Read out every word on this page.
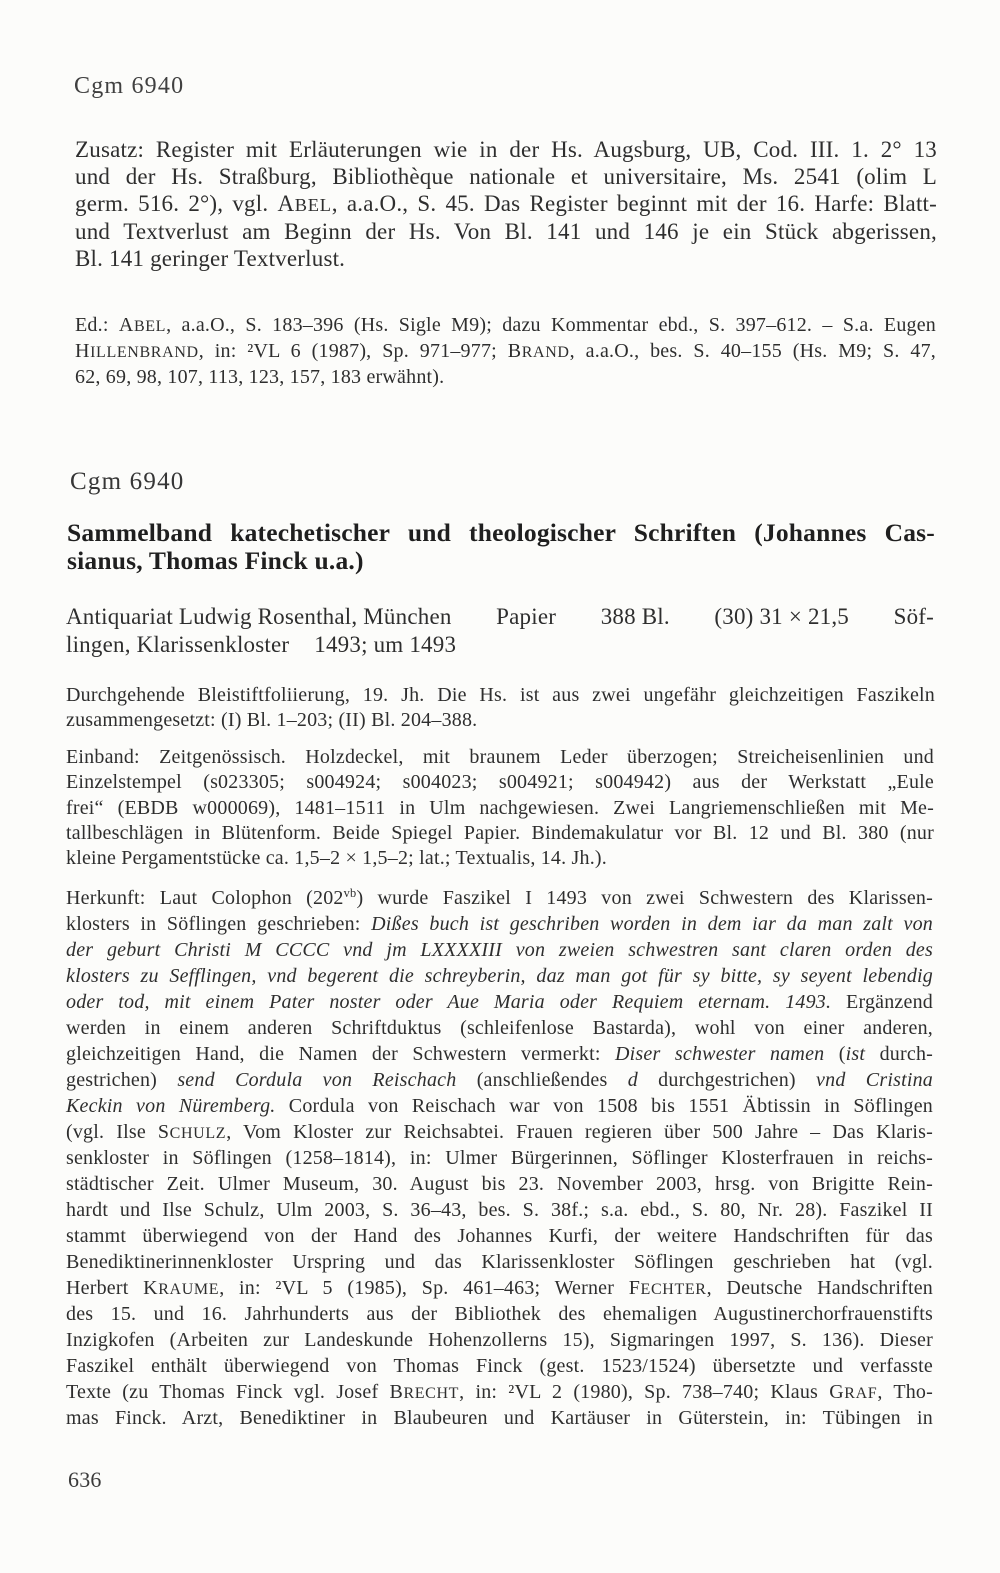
Cgm 6940
Zusatz: Register mit Erläuterungen wie in der Hs. Augsburg, UB, Cod. III. 1. 2° 13
und der Hs. Straßburg, Bibliothèque nationale et universitaire, Ms. 2541 (olim L
germ. 516. 2°), vgl. ABEL, a.a.O., S. 45. Das Register beginnt mit der 16. Harfe: Blatt-
und Textverlust am Beginn der Hs. Von Bl. 141 und 146 je ein Stück abgerissen,
Bl. 141 geringer Textverlust.
Ed.: ABEL, a.a.O., S. 183–396 (Hs. Sigle M9); dazu Kommentar ebd., S. 397–612. – S.a. Eugen
HILLENBRAND, in: ²VL 6 (1987), Sp. 971–977; BRAND, a.a.O., bes. S. 40–155 (Hs. M9; S. 47,
62, 69, 98, 107, 113, 123, 157, 183 erwähnt).
Cgm 6940
Sammelband katechetischer und theologischer Schriften (Johannes Cas-
sianus, Thomas Finck u.a.)
Antiquariat Ludwig Rosenthal, München Papier 388 Bl. (30) 31 × 21,5 Söf-
lingen, Klarissenkloster 1493; um 1493
Durchgehende Bleistiftfoliierung, 19. Jh. Die Hs. ist aus zwei ungefähr gleichzeitigen Faszikeln
zusammengesetzt: (I) Bl. 1–203; (II) Bl. 204–388.
Einband: Zeitgenössisch. Holzdeckel, mit braunem Leder überzogen; Streicheisenlinien und
Einzelstempel (s023305; s004924; s004023; s004921; s004942) aus der Werkstatt „Eule
frei“ (EBDB w000069), 1481–1511 in Ulm nachgewiesen. Zwei Langriemenschließen mit Me-
tallbeschlägen in Blütenform. Beide Spiegel Papier. Bindemakulatur vor Bl. 12 und Bl. 380 (nur
kleine Pergamentstücke ca. 1,5–2 × 1,5–2; lat.; Textualis, 14. Jh.).
Herkunft: Laut Colophon $(202^{vb})$ wurde Faszikel I 1493 von zwei Schwestern des Klarissen-
klosters in Söflingen geschrieben: Dißes buch ist geschriben worden in dem iar da man zalt von
der geburt Christi M CCCC vnd jm LXXXXIII von zweien schwestren sant claren orden des
klosters zu Sefflingen, vnd begerent die schreyberin, daz man got für sy bitte, sy seyent lebendig
oder tod, mit einem Pater noster oder Aue Maria oder Requiem eternam. 1493. Ergänzend
werden in einem anderen Schriftduktus (schleifenlose Bastarda), wohl von einer anderen,
gleichzeitigen Hand, die Namen der Schwestern vermerkt: Diser schwester namen (ist durch-
gestrichen) send Cordula von Reischach (anschließendes d durchgestrichen) vnd Cristina
Keckin von Nüremberg. Cordula von Reischach war von 1508 bis 1551 Äbtissin in Söflingen
(vgl. Ilse SCHULZ, Vom Kloster zur Reichsabtei. Frauen regieren über 500 Jahre – Das Klaris-
senkloster in Söflingen (1258–1814), in: Ulmer Bürgerinnen, Söflinger Klosterfrauen in reichs-
städtischer Zeit. Ulmer Museum, 30. August bis 23. November 2003, hrsg. von Brigitte Rein-
hardt und Ilse Schulz, Ulm 2003, S. 36–43, bes. S. 38f.; s.a. ebd., S. 80, Nr. 28). Faszikel II
stammt überwiegend von der Hand des Johannes Kurfi, der weitere Handschriften für das
Benediktinerinnenkloster Urspring und das Klarissenkloster Söflingen geschrieben hat (vgl.
Herbert KRAUME, in: ²VL 5 (1985), Sp. 461–463; Werner FECHTER, Deutsche Handschriften
des 15. und 16. Jahrhunderts aus der Bibliothek des ehemaligen Augustinerchorfrauenstifts
Inzigkofen (Arbeiten zur Landeskunde Hohenzollerns 15), Sigmaringen 1997, S. 136). Dieser
Faszikel enthält überwiegend von Thomas Finck (gest. 1523/1524) übersetzte und verfasste
Texte (zu Thomas Finck vgl. Josef BRECHT, in: ²VL 2 (1980), Sp. 738–740; Klaus GRAF, Tho-
mas Finck. Arzt, Benediktiner in Blaubeuren und Kartäuser in Güterstein, in: Tübingen in
636
